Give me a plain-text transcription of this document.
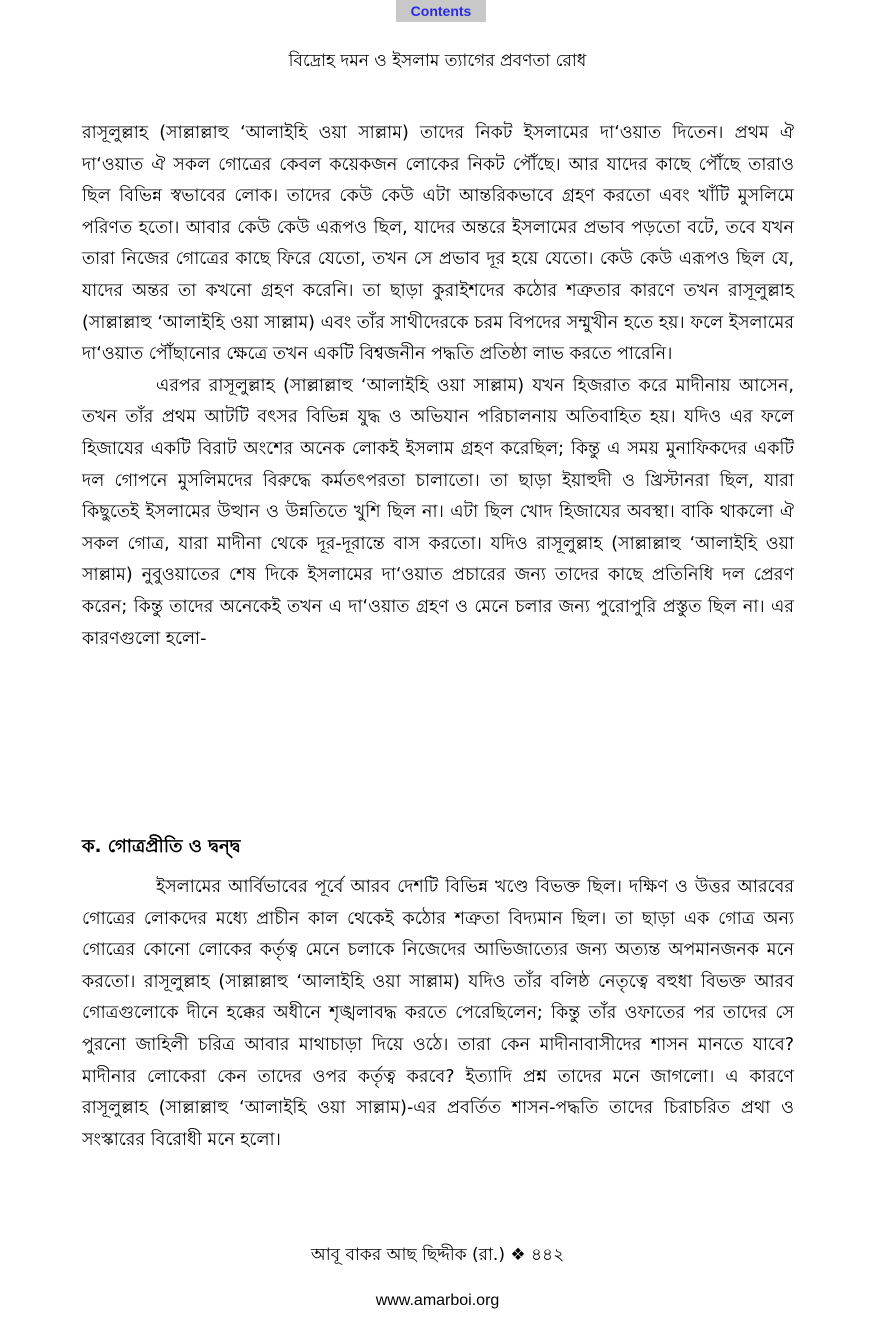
Contents
বিদ্রোহ দমন ও ইসলাম ত্যাগের প্রবণতা রোধ

রাসূলুল্লাহ (সাল্লাল্লাহু ‘আলাইহি ওয়া সাল্লাম) তাদের নিকট ইসলামের দা‘ওয়াত দিতেন। প্রথম ঐ দা‘ওয়াত ঐ সকল গোত্রের কেবল কয়েকজন লোকের নিকট পৌঁছে। আর যাদের কাছে পৌঁছে তারাও ছিল বিভিন্ন স্বভাবের লোক। তাদের কেউ কেউ এটা আন্তরিকভাবে গ্রহণ করতো এবং খাঁটি মুসলিমে পরিণত হতো। আবার কেউ কেউ এরূপও ছিল, যাদের অন্তরে ইসলামের প্রভাব পড়তো বটে, তবে যখন তারা নিজের গোত্রের কাছে ফিরে যেতো, তখন সে প্রভাব দূর হয়ে যেতো। কেউ কেউ এরূপও ছিল যে, যাদের অন্তর তা কখনো গ্রহণ করেনি। তা ছাড়া কুরাইশদের কঠোর শত্রুতার কারণে তখন রাসূলুল্লাহ (সাল্লাল্লাহু ‘আলাইহি ওয়া সাল্লাম) এবং তাঁর সাথীদেরকে চরম বিপদের সম্মুখীন হতে হয়। ফলে ইসলামের দা‘ওয়াত পৌঁছানোর ক্ষেত্রে তখন একটি বিশ্বজনীন পদ্ধতি প্রতিষ্ঠা লাভ করতে পারেনি।

এরপর রাসূলুল্লাহ (সাল্লাল্লাহু ‘আলাইহি ওয়া সাল্লাম) যখন হিজরাত করে মাদীনায় আসেন, তখন তাঁর প্রথম আটটি বৎসর বিভিন্ন যুদ্ধ ও অভিযান পরিচালনায় অতিবাহিত হয়। যদিও এর ফলে হিজাযের একটি বিরাট অংশের অনেক লোকই ইসলাম গ্রহণ করেছিল; কিন্তু এ সময় মুনাফিকদের একটি দল গোপনে মুসলিমদের বিরুদ্ধে কর্মতৎপরতা চালাতো। তা ছাড়া ইয়াহুদী ও খ্রিস্টানরা ছিল, যারা কিছুতেই ইসলামের উত্থান ও উন্নতিতে খুশি ছিল না। এটা ছিল খোদ হিজাযের অবস্থা। বাকি থাকলো ঐ সকল গোত্র, যারা মাদীনা থেকে দূর-দূরান্তে বাস করতো। যদিও রাসূলুল্লাহ (সাল্লাল্লাহু ‘আলাইহি ওয়া সাল্লাম) নুবুওয়াতের শেষ দিকে ইসলামের দা‘ওয়াত প্রচারের জন্য তাদের কাছে প্রতিনিধি দল প্রেরণ করেন; কিন্তু তাদের অনেকেই তখন এ দা‘ওয়াত গ্রহণ ও মেনে চলার জন্য পুরোপুরি প্রস্তুত ছিল না। এর কারণগুলো হলো-

ক. গোত্রপ্রীতি ও দ্বন্দ্ব

ইসলামের আর্বিভাবের পূর্বে আরব দেশটি বিভিন্ন খণ্ডে বিভক্ত ছিল। দক্ষিণ ও উত্তর আরবের গোত্রের লোকদের মধ্যে প্রাচীন কাল থেকেই কঠোর শত্রুতা বিদ্যমান ছিল। তা ছাড়া এক গোত্র অন্য গোত্রের কোনো লোকের কর্তৃত্ব মেনে চলাকে নিজেদের আভিজাত্যের জন্য অত্যন্ত অপমানজনক মনে করতো। রাসূলুল্লাহ (সাল্লাল্লাহু ‘আলাইহি ওয়া সাল্লাম) যদিও তাঁর বলিষ্ঠ নেতৃত্বে বহুধা বিভক্ত আরব গোত্রগুলোকে দীনে হক্কের অধীনে শৃঙ্খলাবদ্ধ করতে পেরেছিলেন; কিন্তু তাঁর ওফাতের পর তাদের সে পুরনো জাহিলী চরিত্র আবার মাথাচাড়া দিয়ে ওঠে। তারা কেন মাদীনাবাসীদের শাসন মানতে যাবে? মাদীনার লোকেরা কেন তাদের ওপর কর্তৃত্ব করবে? ইত্যাদি প্রশ্ন তাদের মনে জাগলো। এ কারণে রাসূলুল্লাহ (সাল্লাল্লাহু ‘আলাইহি ওয়া সাল্লাম)-এর প্রবর্তিত শাসন-পদ্ধতি তাদের চিরাচরিত প্রথা ও সংস্কারের বিরোধী মনে হলো।

আবূ বাকর আছ ছিদ্দীক (রা.) ❖ ৪৪২
www.amarboi.org
